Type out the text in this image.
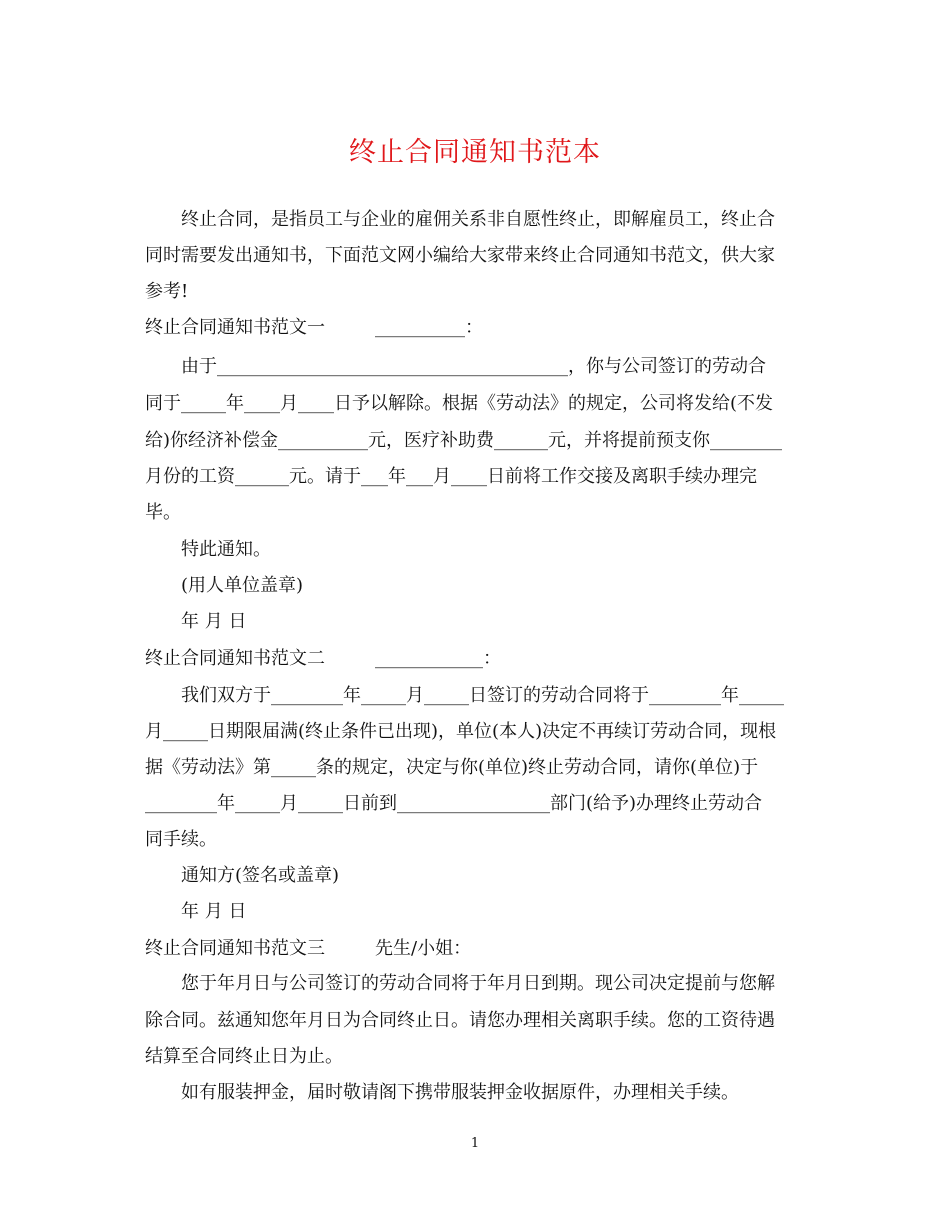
终止合同通知书范本
终止合同，是指员工与企业的雇佣关系非自愿性终止，即解雇员工，终止合
同时需要发出通知书，下面范文网小编给大家带来终止合同通知书范文，供大家
参考!
终止合同通知书范文一	__________：
由于_______________________________________，你与公司签订的劳动合
同于_____年____月____日予以解除。根据《劳动法》的规定，公司将发给(不发
给)你经济补偿金__________元，医疗补助费______元，并将提前预支你________
月份的工资______元。请于___年___月____日前将工作交接及离职手续办理完
毕。
特此通知。
(用人单位盖章)
年 月 日
终止合同通知书范文二	____________：
我们双方于________年_____月_____日签订的劳动合同将于________年_____
月_____日期限届满(终止条件已出现)，单位(本人)决定不再续订劳动合同，现根
据《劳动法》第_____条的规定，决定与你(单位)终止劳动合同，请你(单位)于
________年_____月_____日前到_________________部门(给予)办理终止劳动合
同手续。
通知方(签名或盖章)
年 月 日
终止合同通知书范文三	先生/小姐：
您于年月日与公司签订的劳动合同将于年月日到期。现公司决定提前与您解
除合同。兹通知您年月日为合同终止日。请您办理相关离职手续。您的工资待遇
结算至合同终止日为止。
如有服装押金，届时敬请阁下携带服装押金收据原件，办理相关手续。
1
